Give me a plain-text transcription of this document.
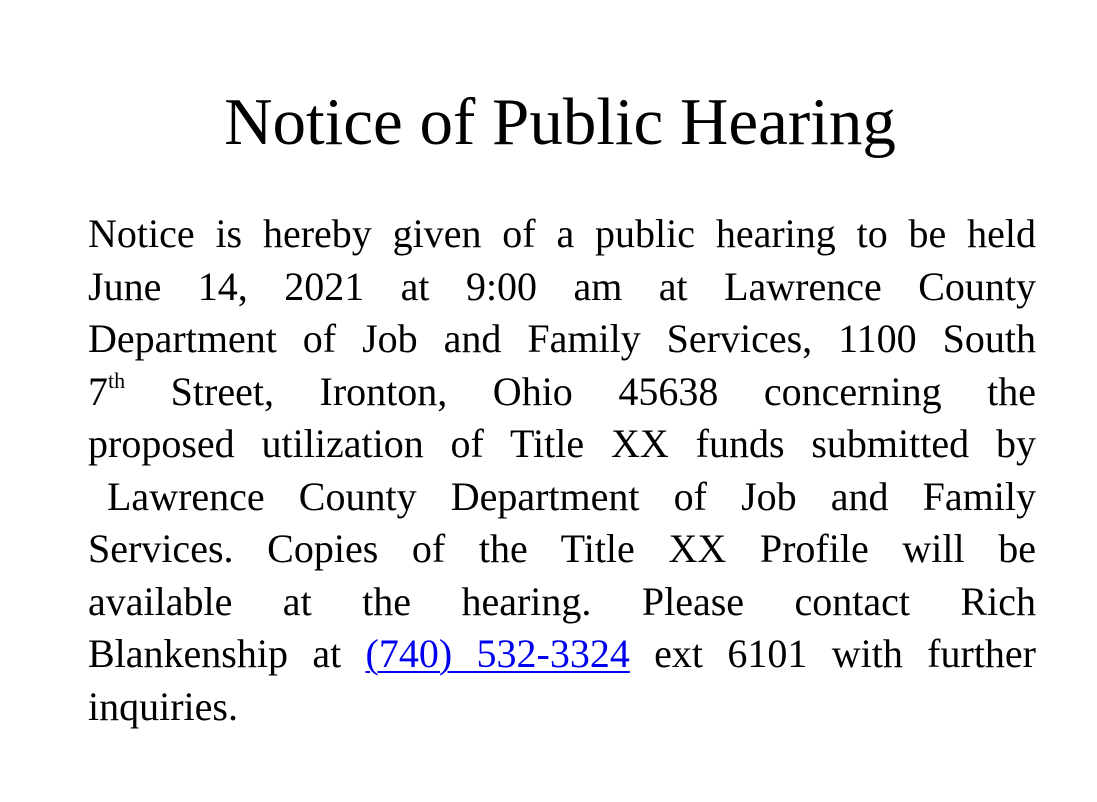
Notice of Public Hearing
Notice is hereby given of a public hearing to be held
June 14, 2021 at 9:00 am at Lawrence County
Department of Job and Family Services, 1100 South
7th Street, Ironton, Ohio 45638 concerning the
proposed utilization of Title XX funds submitted by
Lawrence County Department of Job and Family
Services. Copies of the Title XX Profile will be
available at the hearing. Please contact Rich
Blankenship at (740) 532-3324 ext 6101 with further
inquiries.
